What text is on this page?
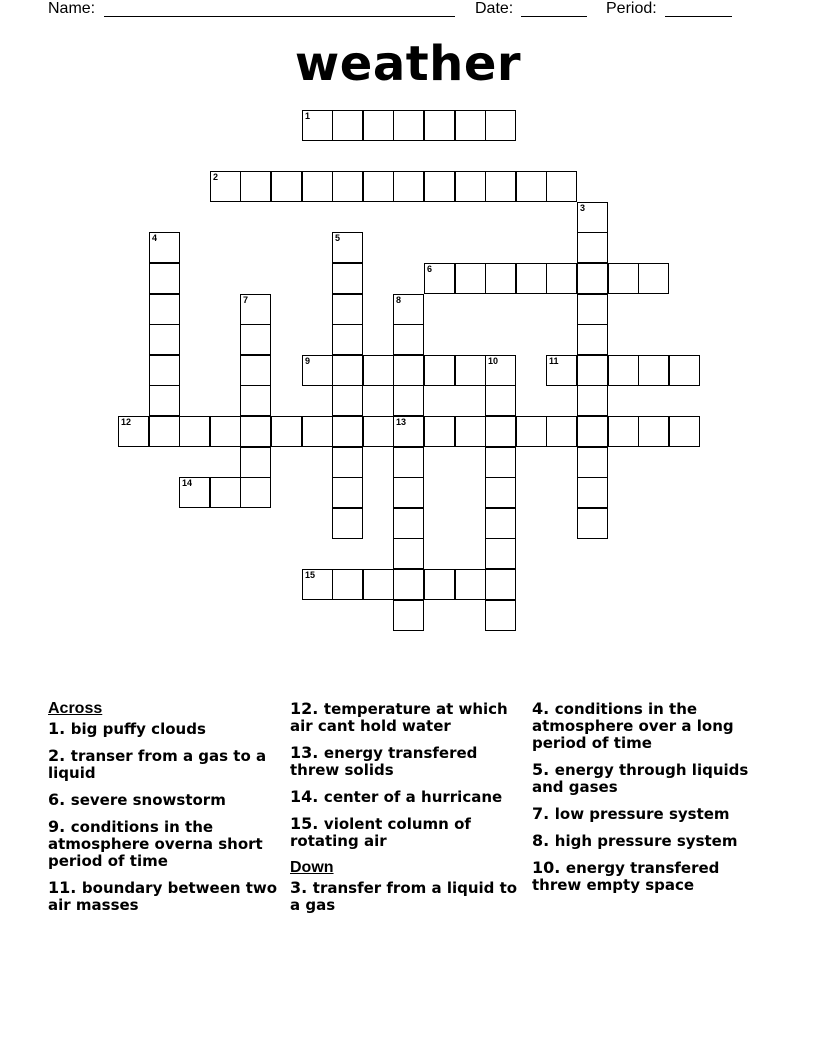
Name:	Date:	Period:
weather
1
2
3
4	5
6
7	8
13
9	10	11
12
14
15
Across
1. big puffy clouds
2. transer from a gas to a liquid
6. severe snowstorm
9. conditions in the atmosphere overna short period of time
11. boundary between two air masses
12. temperature at which air cant hold water
13. energy transfered threw solids
14. center of a hurricane
15. violent column of rotating air
Down
3. transfer from a liquid to a gas
4. conditions in the atmosphere over a long period of time
5. energy through liquids and gases
7. low pressure system
8. high pressure system
10. energy transfered threw empty space
